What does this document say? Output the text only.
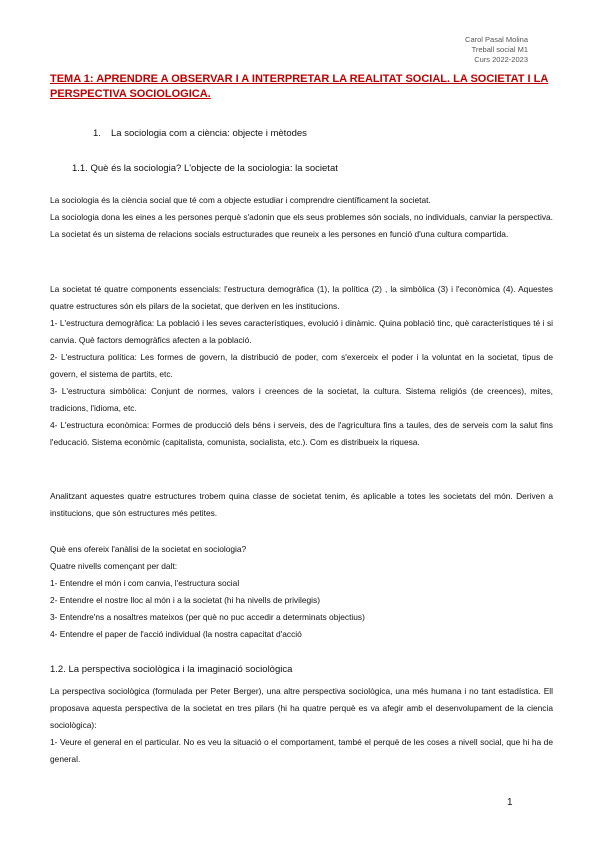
Carol Pasal Molina
Treball social M1
Curs 2022-2023
TEMA 1: APRENDRE A OBSERVAR I A INTERPRETAR LA REALITAT SOCIAL. LA SOCIETAT I LA PERSPECTIVA SOCIOLOGICA.
1. La sociologia com a ciència: objecte i mètodes
1.1. Què és la sociologia? L'objecte de la sociologia: la societat
La sociologia és la ciència social que té com a objecte estudiar i comprendre científicament la societat.
La sociologia dona les eines a les persones perquè s'adonin que els seus problemes són socials, no individuals, canviar la perspectiva. La societat és un sistema de relacions socials estructurades que reuneix a les persones en funció d'una cultura compartida.
La societat té quatre components essencials: l'estructura demogràfica (1), la política (2) , la simbòlica (3) i l'econòmica (4). Aquestes quatre estructures són els pilars de la societat, que deriven en les institucions.
1- L'estructura demogràfica: La població i les seves característiques, evolució i dinàmic. Quina població tinc, què característiques té i si canvia. Què factors demogràfics afecten a la població.
2- L'estructura política: Les formes de govern, la distribució de poder, com s'exerceix el poder i la voluntat en la societat, tipus de govern, el sistema de partits, etc.
3- L'estructura simbòlica: Conjunt de normes, valors i creences de la societat, la cultura. Sistema religiós (de creences), mites, tradicions, l'idioma, etc.
4- L'estructura econòmica: Formes de producció dels béns i serveis, des de l'agricultura fins a taules, des de serveis com la salut fins l'educació. Sistema econòmic (capitalista, comunista, socialista, etc.). Com es distribueix la riquesa.
Analitzant aquestes quatre estructures trobem quina classe de societat tenim, és aplicable a totes les societats del món. Deriven a institucions, que són estructures més petites.
Què ens ofereix l'anàlisi de la societat en sociologia?
Quatre nivells començant per dalt:
1- Entendre el món i com canvia, l'estructura social
2- Entendre el nostre lloc al món i a la societat (hi ha nivells de privilegis)
3- Entendre'ns a nosaltres mateixos (per què no puc accedir a determinats objectius)
4- Entendre el paper de l'acció individual (la nostra capacitat d'acció
1.2. La perspectiva sociològica i la imaginació sociològica
La perspectiva sociològica (formulada per Peter Berger), una altre perspectiva sociològica, una més humana i no tant estadística. Ell proposava aquesta perspectiva de la societat en tres pilars (hi ha quatre perquè es va afegir amb el desenvolupament de la ciencia sociològica):
1- Veure el general en el particular. No es veu la situació o el comportament, també el perquè de les coses a nivell social, que hi ha de general.
1
